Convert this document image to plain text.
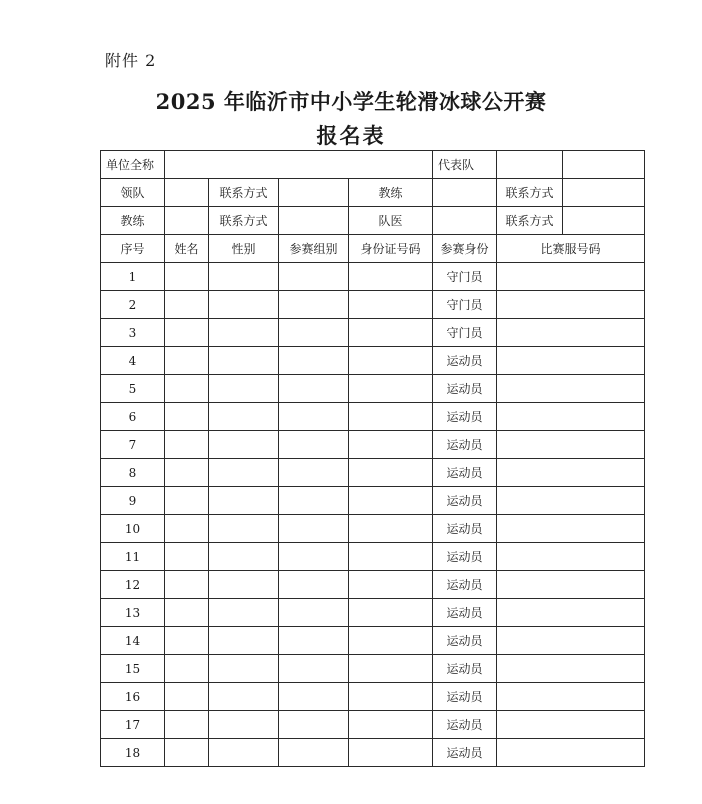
附件 2
2025 年临沂市中小学生轮滑冰球公开赛
报名表
单位全称					代表队		
领队		联系方式		教练		联系方式	
教练		联系方式		队医		联系方式	
序号	姓名	性别	参赛组别	身份证号码	参赛身份	比赛服号码	
1					守门员		
2					守门员		
3					守门员		
4					运动员		
5					运动员		
6					运动员		
7					运动员		
8					运动员		
9					运动员		
10					运动员		
11					运动员		
12					运动员		
13					运动员		
14					运动员		
15					运动员		
16					运动员		
17					运动员		
18					运动员		
